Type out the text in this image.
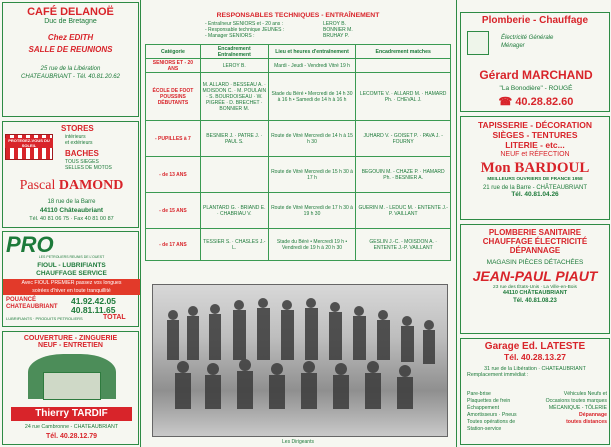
CAFÉ DELANOË
Duc de Bretagne
Chez EDITH
SALLE DE REUNIONS
25 rue de la Libération
CHATEAUBRIANT - Tél. 40.81.20.62
PROTEGEZ-VOUS DU SOLEIL
STORES
intérieurs
et extérieurs
BACHES
TOUS SIEGES
SELLES DE MOTOS
Pascal DAMOND
18 rue de la Barre
44110 Châteaubriant
Tél. 40 81 06 75 · Fax 40 81 00 87
PRO
LES PETROLIERS REUNIS DE L'OUEST
FIOUL - LUBRIFIANTS
CHAUFFAGE SERVICE
Avec FIOUL PREMIER passez vos longues
soirées d'hiver en toute tranquillité
POUANCÉ
CHATEAUBRIANT
41.92.42.05
40.81.11.65
LUBRIFIANTS · PRODUITS PETROLIERS	TOTAL
COUVERTURE - ZINGUERIE
NEUF - ENTRETIEN
Thierry TARDIF
24 rue Cambronne - CHATEAUBRIANT
Tél. 40.28.12.79
RESPONSABLES TECHNIQUES - ENTRAÎNEMENT
- Entraîneur SENIORS et - 20 ans :	LEROY B.
- Responsable technique JEUNES :	BONNIER M.
- Manager SENIORS :	BRUHAY P.
Catégorie	Encadrement Entraînement	Lieu et heures d'entraînement	Encadrement matches
SENIORS ET - 20 ANS	LEROY B.	Mardi - Jeudi - Vendredi Vitré 19 h	
ÉCOLE DE FOOT POUSSINS DÉBUTANTS	M. ALLARD · BESSEAU A. · MOISDON C. · M. POULAIN · S. BOURDOISEAU · W. PIGRÉE · D. BRECHET · BONNIER M.	Stade du Béré • Mercredi de 14 h 30 à 16 h • Samedi de 14 h à 16 h	LECOMTE V. · ALLARD M. · HAMARD Ph. · CHEVAL J.
- PUPILLES à 7	BESNIER J. · PATRE J. · PAUL S.	Route de Vitré Mercredi de 14 h à 15 h 30	JUHARD V. - GOISET P. · PAVA J. - FOURNY
- de 13 ANS		Route de Vitré Mercredi de 15 h 30 à 17 h	BEGOUIN M. - CHAZE P. · HAMARD Ph. - BESNIER A.
- de 15 ANS	PLANTARD G. · BRIAND E. · CHABRIAU V.	Route de Vitré Mercredi de 17 h 30 à 19 h 30	GUERIN M. - LEDUC M. · ENTENTE J.-P. VAILLANT
- de 17 ANS	TESSIER S. · CHASLES J.-L.	Stade du Béré • Mercredi 19 h • Vendredi de 19 h à 20 h 30	GESLIN J.-C. - MOISDON A. · ENTENTE J.-P. VAILLANT
Les Dirigeants
Plomberie - Chauffage
Électricité Générale
Ménager
Gérard MARCHAND
"La Bonodière" - ROUGÉ
☎ 40.28.82.60
TAPISSERIE - DÉCORATION
SIÈGES - TENTURES
LITERIE - etc...
NEUF et RÉFECTION
Mon BARDOUL
MEILLEURS OUVRIERS DE FRANCE 1958
21 rue de la Barre - CHÂTEAUBRIANT
Tél. 40.81.04.26
PLOMBERIE SANITAIRE
CHAUFFAGE ÉLECTRICITÉ
DÉPANNAGE
MAGASIN PIÈCES DÉTACHÉES
JEAN-PAUL PIAUT
23 rue des États-Unis · La Ville-en-Bois
44110 CHÂTEAUBRIANT
Tél. 40.81.08.23
Garage Ed. LATESTE
Tél. 40.28.13.27
31 rue de la Libération · CHATEAUBRIANT
Remplacement immédiat :
Pare-brise
Plaquettes de frein
Échappement
Amortisseurs · Pneus
Toutes opérations de
Station-service
Véhicules Neufs et
Occasions toutes marques
MÉCANIQUE - TÔLERIE
Dépannage
toutes distances
